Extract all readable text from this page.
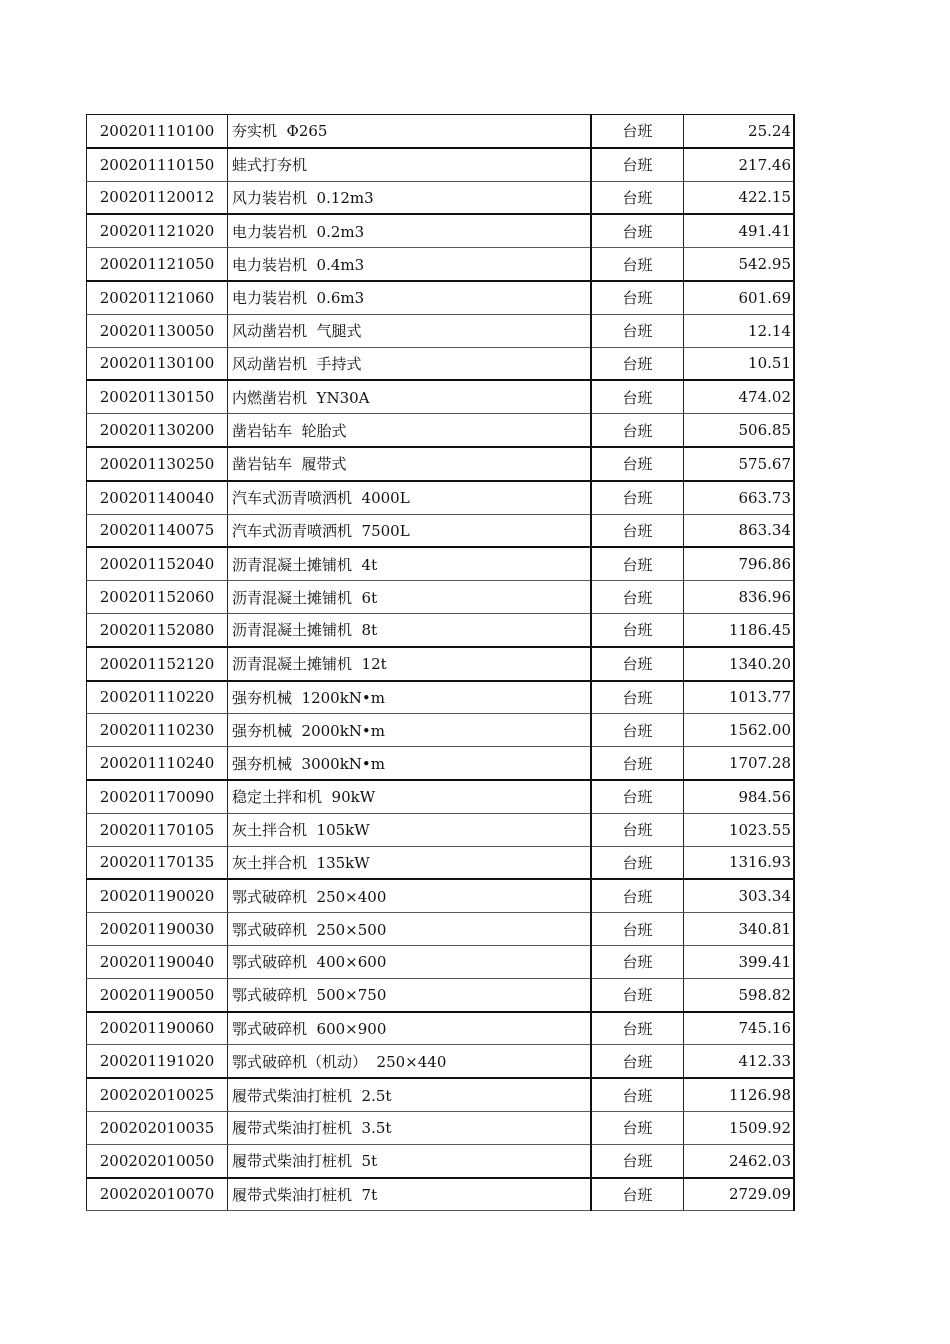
200201110100	夯实机  Φ265	台班	25.24
200201110150	蛙式打夯机	台班	217.46
200201120012	风力装岩机  0.12m3	台班	422.15
200201121020	电力装岩机  0.2m3	台班	491.41
200201121050	电力装岩机  0.4m3	台班	542.95
200201121060	电力装岩机  0.6m3	台班	601.69
200201130050	风动凿岩机  气腿式	台班	12.14
200201130100	风动凿岩机  手持式	台班	10.51
200201130150	内燃凿岩机  YN30A	台班	474.02
200201130200	凿岩钻车  轮胎式	台班	506.85
200201130250	凿岩钻车  履带式	台班	575.67
200201140040	汽车式沥青喷洒机  4000L	台班	663.73
200201140075	汽车式沥青喷洒机  7500L	台班	863.34
200201152040	沥青混凝土摊铺机  4t	台班	796.86
200201152060	沥青混凝土摊铺机  6t	台班	836.96
200201152080	沥青混凝土摊铺机  8t	台班	1186.45
200201152120	沥青混凝土摊铺机  12t	台班	1340.20
200201110220	强夯机械  1200kN•m	台班	1013.77
200201110230	强夯机械  2000kN•m	台班	1562.00
200201110240	强夯机械  3000kN•m	台班	1707.28
200201170090	稳定土拌和机  90kW	台班	984.56
200201170105	灰土拌合机  105kW	台班	1023.55
200201170135	灰土拌合机  135kW	台班	1316.93
200201190020	鄂式破碎机  250×400	台班	303.34
200201190030	鄂式破碎机  250×500	台班	340.81
200201190040	鄂式破碎机  400×600	台班	399.41
200201190050	鄂式破碎机  500×750	台班	598.82
200201190060	鄂式破碎机  600×900	台班	745.16
200201191020	鄂式破碎机（机动）  250×440	台班	412.33
200202010025	履带式柴油打桩机  2.5t	台班	1126.98
200202010035	履带式柴油打桩机  3.5t	台班	1509.92
200202010050	履带式柴油打桩机  5t	台班	2462.03
200202010070	履带式柴油打桩机  7t	台班	2729.09
